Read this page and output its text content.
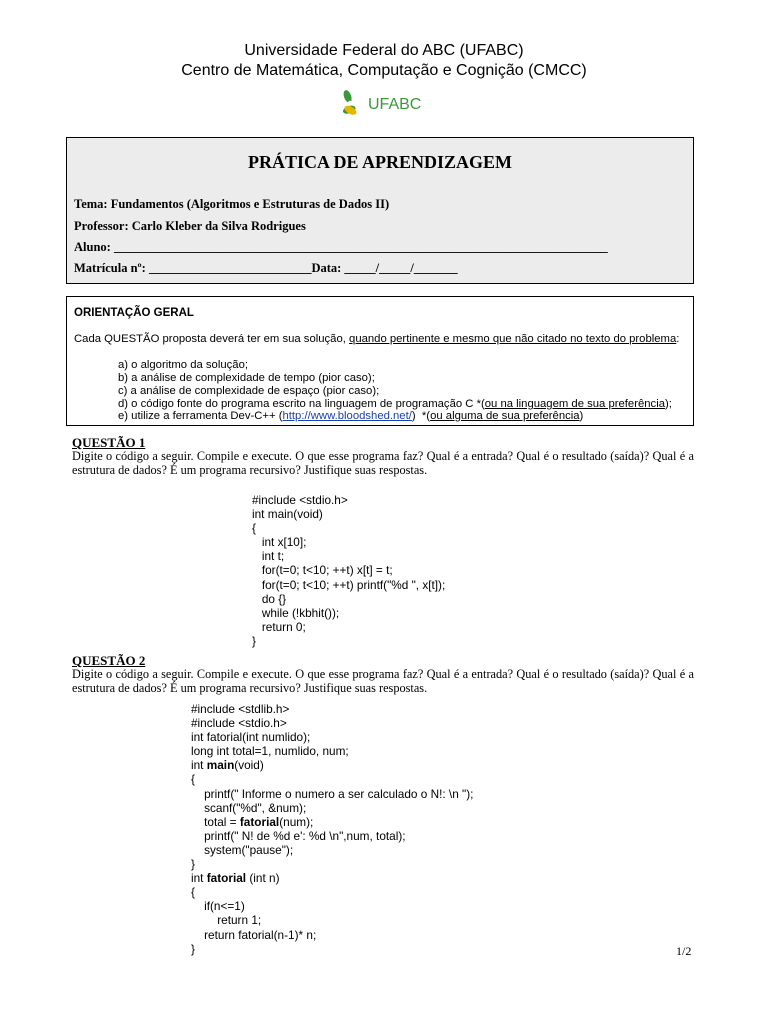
Universidade Federal do ABC (UFABC)
Centro de Matemática, Computação e Cognição (CMCC)
UFABC
PRÁTICA DE APRENDIZAGEM
Tema: Fundamentos (Algoritmos e Estruturas de Dados II)
Professor: Carlo Kleber da Silva Rodrigues
Aluno: _______________________________________________________________________________
Matrícula nº: __________________________Data: _____/_____/_______
ORIENTAÇÃO GERAL
Cada QUESTÃO proposta deverá ter em sua solução, quando pertinente e mesmo que não citado no texto do problema:
a) o algoritmo da solução;
b) a análise de complexidade de tempo (pior caso);
c) a análise de complexidade de espaço (pior caso);
d) o código fonte do programa escrito na linguagem de programação C *(ou na linguagem de sua preferência);
e) utilize a ferramenta Dev-C++ (http://www.bloodshed.net/)  *(ou alguma de sua preferência)
QUESTÃO 1
Digite o código a seguir. Compile e execute. O que esse programa faz? Qual é a entrada? Qual é o resultado (saída)? Qual é a estrutura de dados? É um programa recursivo? Justifique suas respostas.
#include <stdio.h>
int main(void)
{
int x[10];
int t;
for(t=0; t<10; ++t) x[t] = t;
for(t=0; t<10; ++t) printf("%d ", x[t]);
do {}
while (!kbhit());
return 0;
}
QUESTÃO 2
Digite o código a seguir. Compile e execute. O que esse programa faz? Qual é a entrada? Qual é o resultado (saída)? Qual é a estrutura de dados? É um programa recursivo? Justifique suas respostas.
#include <stdlib.h>
#include <stdio.h>
int fatorial(int numlido);
long int total=1, numlido, num;
int main(void)
{
printf(" Informe o numero a ser calculado o N!: \n ");
scanf("%d", &num);
total = fatorial(num);
printf(" N! de %d e': %d \n",num, total);
system("pause");
}
int fatorial (int n)
{
if(n<=1)
return 1;
return fatorial(n-1)* n;
}	1/2
